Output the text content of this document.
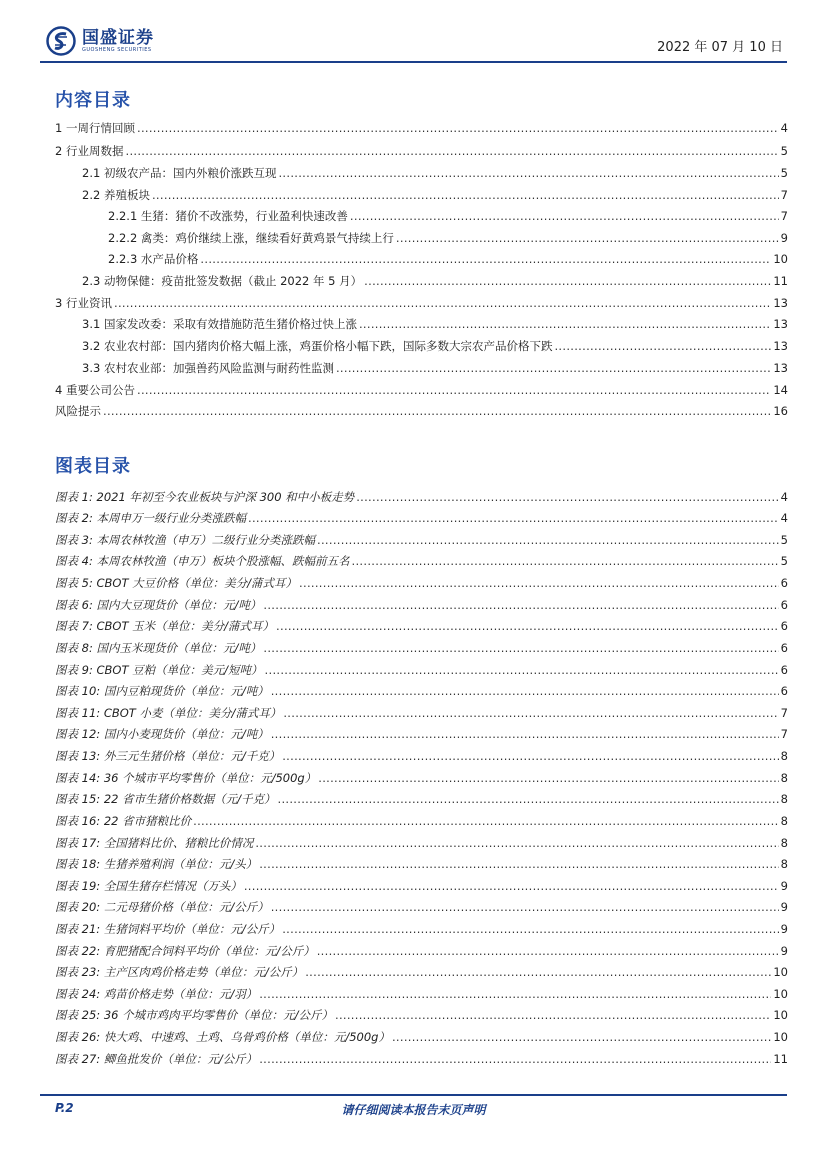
国盛证券
GUOSHENG SECURITIES	2022 年 07 月 10 日
内容目录
1 一周行情回顾 .....	4
2 行业周数据 .....	5
2.1 初级农产品：国内外粮价涨跌互现 .....	5
2.2 养殖板块 .....	7
2.2.1 生猪：猪价不改涨势，行业盈利快速改善 .....	7
2.2.2 禽类：鸡价继续上涨，继续看好黄鸡景气持续上行 .....	9
2.2.3 水产品价格 .....	10
2.3 动物保健：疫苗批签发数据（截止 2022 年 5 月） .....	11
3 行业资讯 .....	13
3.1 国家发改委：采取有效措施防范生猪价格过快上涨 .....	13
3.2 农业农村部：国内猪肉价格大幅上涨，鸡蛋价格小幅下跌，国际多数大宗农产品价格下跌 .....	13
3.3 农村农业部：加强兽药风险监测与耐药性监测 .....	13
4 重要公司公告 .....	14
风险提示 .....	16
图表目录
图表 1: 2021 年初至今农业板块与沪深 300 和中小板走势 .....	4
图表 2: 本周申万一级行业分类涨跌幅 .....	4
图表 3: 本周农林牧渔（申万）二级行业分类涨跌幅 .....	5
图表 4: 本周农林牧渔（申万）板块个股涨幅、跌幅前五名 .....	5
图表 5: CBOT 大豆价格（单位：美分/蒲式耳） .....	6
图表 6: 国内大豆现货价（单位：元/吨） .....	6
图表 7: CBOT 玉米（单位：美分/蒲式耳） .....	6
图表 8: 国内玉米现货价（单位：元/吨） .....	6
图表 9: CBOT 豆粕（单位：美元/短吨） .....	6
图表 10: 国内豆粕现货价（单位：元/吨） .....	6
图表 11: CBOT 小麦（单位：美分/蒲式耳） .....	7
图表 12: 国内小麦现货价（单位：元/吨） .....	7
图表 13: 外三元生猪价格（单位：元/千克） .....	8
图表 14: 36 个城市平均零售价（单位：元/500g） .....	8
图表 15: 22 省市生猪价格数据（元/千克） .....	8
图表 16: 22 省市猪粮比价 .....	8
图表 17: 全国猪料比价、猪粮比价情况 .....	8
图表 18: 生猪养殖利润（单位：元/头） .....	8
图表 19: 全国生猪存栏情况（万头） .....	9
图表 20: 二元母猪价格（单位：元/公斤） .....	9
图表 21: 生猪饲料平均价（单位：元/公斤） .....	9
图表 22: 育肥猪配合饲料平均价（单位：元/公斤） .....	9
图表 23: 主产区肉鸡价格走势（单位：元/公斤） .....	10
图表 24: 鸡苗价格走势（单位：元/羽） .....	10
图表 25: 36 个城市鸡肉平均零售价（单位：元/公斤） .....	10
图表 26: 快大鸡、中速鸡、土鸡、乌骨鸡价格（单位：元/500g） .....	10
图表 27: 鲫鱼批发价（单位：元/公斤） .....	11
P.2	请仔细阅读本报告末页声明
